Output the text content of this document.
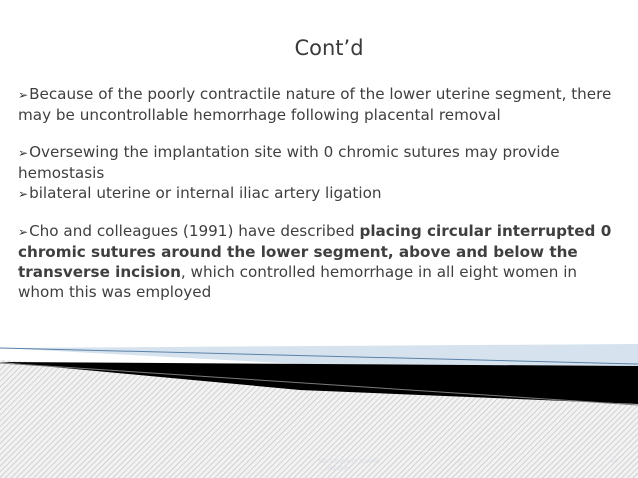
Cont’d

➢Because of the poorly contractile nature of the lower uterine segment, there may be uncontrollable hemorrhage following placental removal

➢Oversewing the implantation site with 0 chromic sutures may provide hemostasis

➢bilateral uterine or internal iliac artery ligation

➢Cho and colleagues (1991) have described placing circular interrupted 0 chromic sutures around the lower segment, above and below the transverse incision, which controlled hemorrhage in all eight women in whom this was employed

Management of AKH
... Abrahim
D	40
